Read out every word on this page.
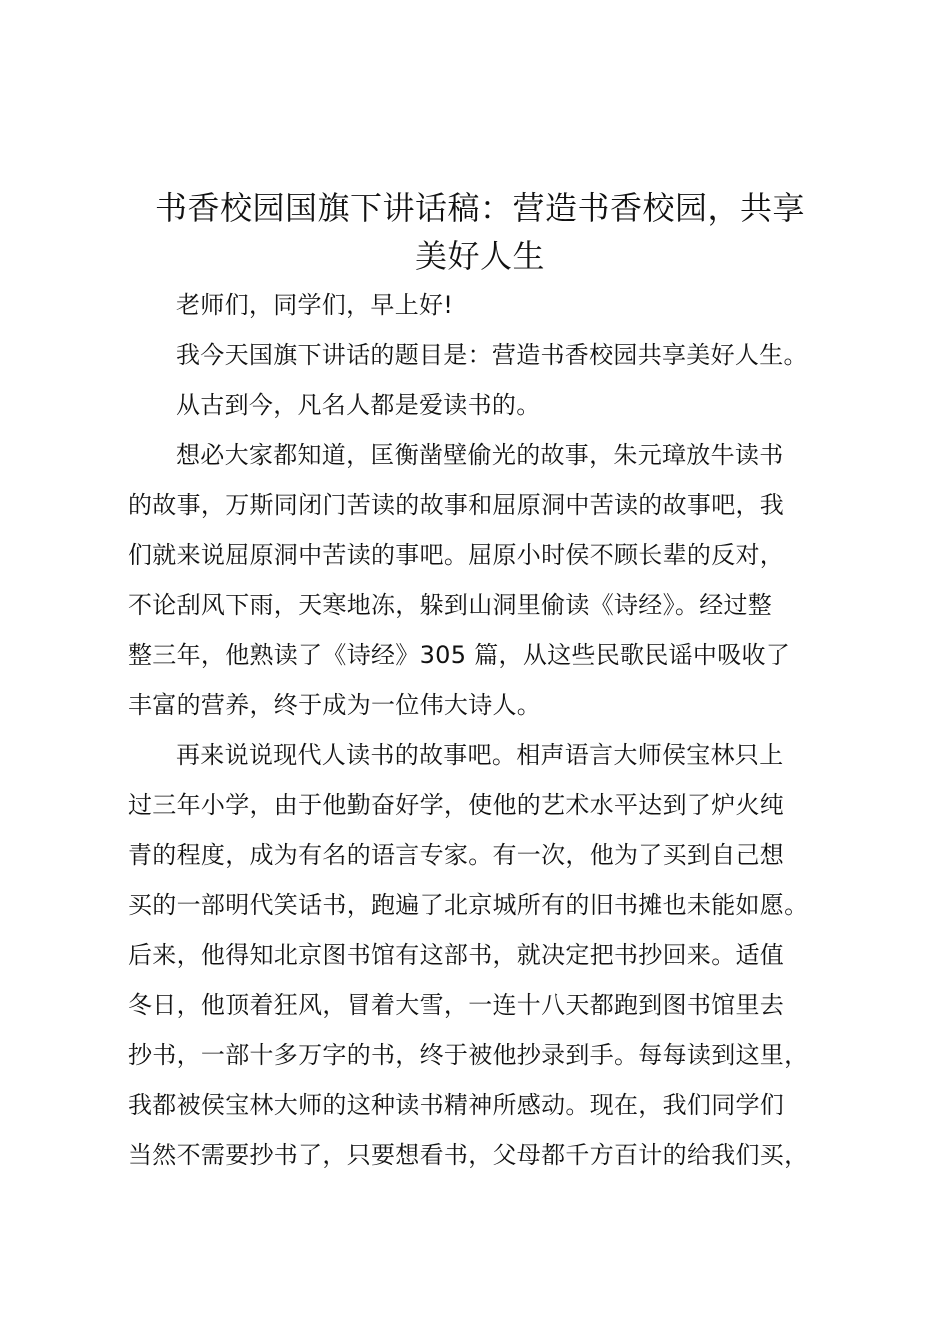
书香校园国旗下讲话稿：营造书香校园，共享
美好人生
老师们，同学们，早上好!
我今天国旗下讲话的题目是：营造书香校园共享美好人生。
从古到今，凡名人都是爱读书的。
想必大家都知道，匡衡凿壁偷光的故事，朱元璋放牛读书
的故事，万斯同闭门苦读的故事和屈原洞中苦读的故事吧，我
们就来说屈原洞中苦读的事吧。屈原小时侯不顾长辈的反对，
不论刮风下雨，天寒地冻，躲到山洞里偷读《诗经》。经过整
整三年，他熟读了《诗经》305 篇，从这些民歌民谣中吸收了
丰富的营养，终于成为一位伟大诗人。
再来说说现代人读书的故事吧。相声语言大师侯宝林只上
过三年小学，由于他勤奋好学，使他的艺术水平达到了炉火纯
青的程度，成为有名的语言专家。有一次，他为了买到自己想
买的一部明代笑话书，跑遍了北京城所有的旧书摊也未能如愿。
后来，他得知北京图书馆有这部书，就决定把书抄回来。适值
冬日，他顶着狂风，冒着大雪，一连十八天都跑到图书馆里去
抄书，一部十多万字的书，终于被他抄录到手。每每读到这里，
我都被侯宝林大师的这种读书精神所感动。现在，我们同学们
当然不需要抄书了，只要想看书，父母都千方百计的给我们买，
